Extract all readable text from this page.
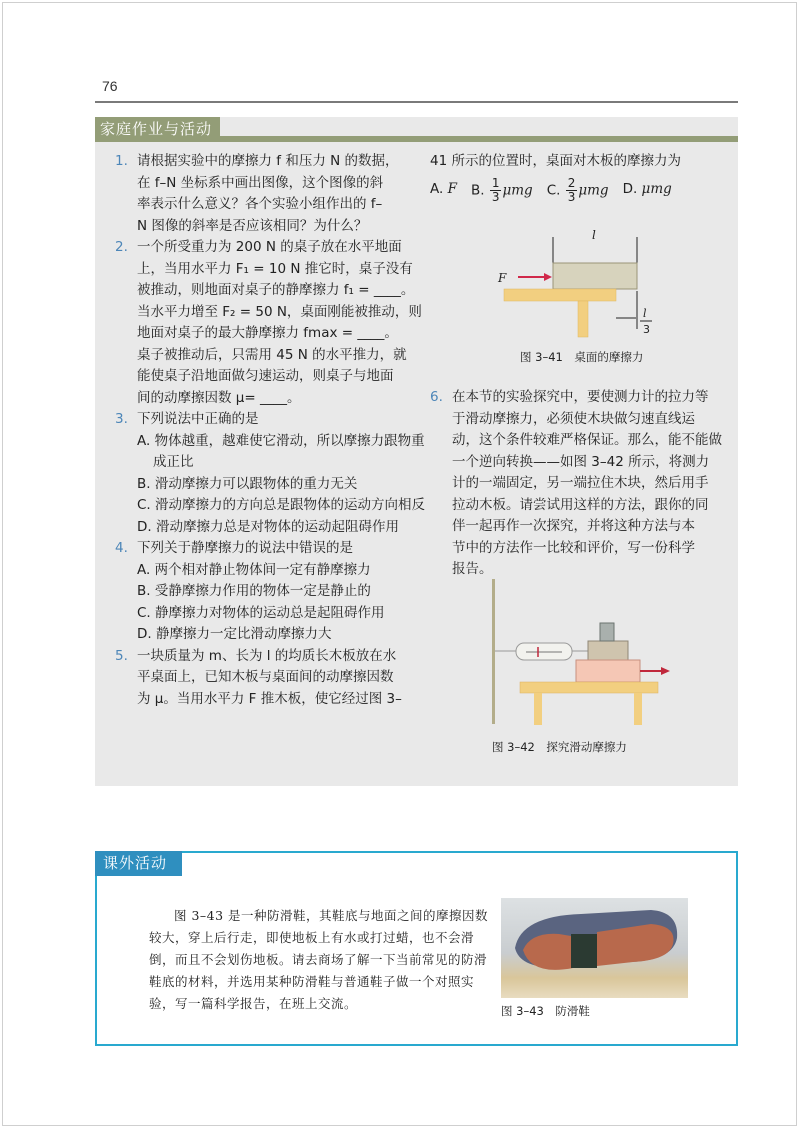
76
家庭作业与活动
1. 请根据实验中的摩擦力 f 和压力 N 的数据，
在 f–N 坐标系中画出图像，这个图像的斜
率表示什么意义？各个实验小组作出的 f–
N 图像的斜率是否应该相同？为什么？
2. 一个所受重力为 200 N 的桌子放在水平地面
上，当用水平力 F₁ = 10 N 推它时，桌子没有
被推动，则地面对桌子的静摩擦力 f₁ = ____。
当水平力增至 F₂ = 50 N，桌面刚能被推动，则
地面对桌子的最大静摩擦力 fmax = ____。
桌子被推动后，只需用 45 N 的水平推力，就
能使桌子沿地面做匀速运动，则桌子与地面
间的动摩擦因数 μ= ____。
3. 下列说法中正确的是
A. 物体越重，越难使它滑动，所以摩擦力跟物重成正比
B. 滑动摩擦力可以跟物体的重力无关
C. 滑动摩擦力的方向总是跟物体的运动方向相反
D. 滑动摩擦力总是对物体的运动起阻碍作用
4. 下列关于静摩擦力的说法中错误的是
A. 两个相对静止物体间一定有静摩擦力
B. 受静摩擦力作用的物体一定是静止的
C. 静摩擦力对物体的运动总是起阻碍作用
D. 静摩擦力一定比滑动摩擦力大
5. 一块质量为 m、长为 l 的均质长木板放在水
平桌面上，已知木板与桌面间的动摩擦因数
为 μ。当用水平力 F 推木板，使它经过图 3–
41 所示的位置时，桌面对木板的摩擦力为
A. F B. $\frac{1}{3}$ μmg C. $\frac{2}{3}$ μmg D. μmg
F
l
l
3
图 3–41　桌面的摩擦力
6. 在本节的实验探究中，要使测力计的拉力等
于滑动摩擦力，必须使木块做匀速直线运
动，这个条件较难严格保证。那么，能不能做
一个逆向转换——如图 3–42 所示，将测力
计的一端固定，另一端拉住木块，然后用手
拉动木板。请尝试用这样的方法，跟你的同
伴一起再作一次探究，并将这种方法与本
节中的方法作一比较和评价，写一份科学
报告。
图 3–42　探究滑动摩擦力
课外活动

图 3–43 是一种防滑鞋，其鞋底与地面之间的摩擦因数较大，穿上后行走，即使地板上有水或打过蜡，也不会滑倒，而且不会划伤地板。请去商场了解一下当前常见的防滑鞋底的材料，并选用某种防滑鞋与普通鞋子做一个对照实验，写一篇科学报告，在班上交流。	图 3–43　防滑鞋
